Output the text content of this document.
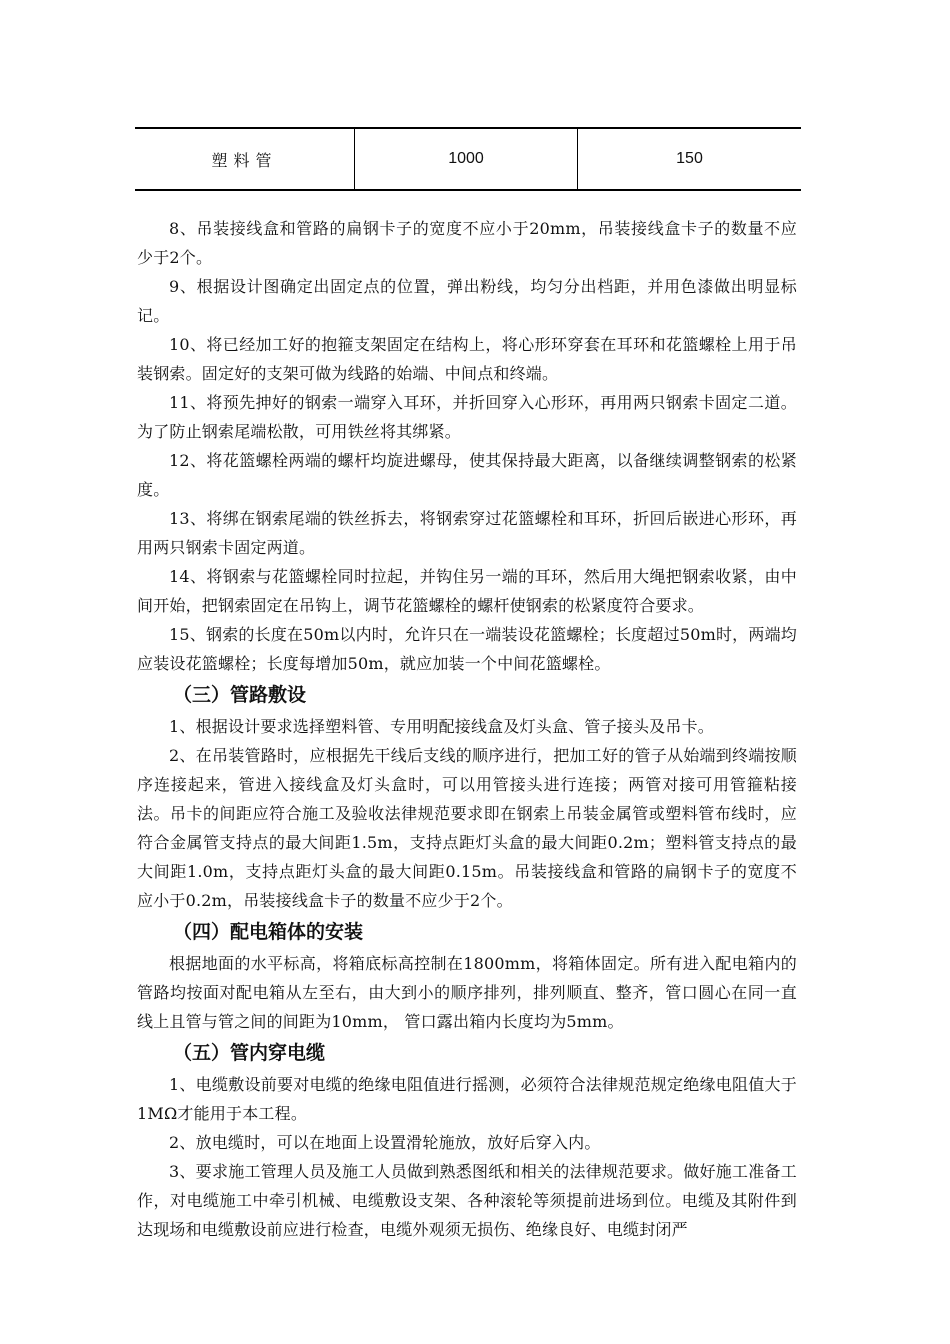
塑料管	1000	150

8、吊装接线盒和管路的扁钢卡子的宽度不应小于20mm，吊装接线盒卡子的数量不应少于2个。

9、根据设计图确定出固定点的位置，弹出粉线，均匀分出档距，并用色漆做出明显标记。

10、将已经加工好的抱箍支架固定在结构上，将心形环穿套在耳环和花篮螺栓上用于吊装钢索。固定好的支架可做为线路的始端、中间点和终端。

11、将预先抻好的钢索一端穿入耳环，并折回穿入心形环，再用两只钢索卡固定二道。为了防止钢索尾端松散，可用铁丝将其绑紧。

12、将花篮螺栓两端的螺杆均旋进螺母，使其保持最大距离，以备继续调整钢索的松紧度。

13、将绑在钢索尾端的铁丝拆去，将钢索穿过花篮螺栓和耳环，折回后嵌进心形环，再用两只钢索卡固定两道。

14、将钢索与花篮螺栓同时拉起，并钩住另一端的耳环，然后用大绳把钢索收紧，由中间开始，把钢索固定在吊钩上，调节花篮螺栓的螺杆使钢索的松紧度符合要求。

15、钢索的长度在50m以内时，允许只在一端装设花篮螺栓；长度超过50m时，两端均应装设花篮螺栓；长度每增加50m，就应加装一个中间花篮螺栓。

（三）管路敷设

1、根据设计要求选择塑料管、专用明配接线盒及灯头盒、管子接头及吊卡。

2、在吊装管路时，应根据先干线后支线的顺序进行，把加工好的管子从始端到终端按顺序连接起来，管进入接线盒及灯头盒时，可以用管接头进行连接；两管对接可用管箍粘接法。吊卡的间距应符合施工及验收法律规范要求即在钢索上吊装金属管或塑料管布线时，应符合金属管支持点的最大间距1.5m，支持点距灯头盒的最大间距0.2m；塑料管支持点的最大间距1.0m，支持点距灯头盒的最大间距0.15m。吊装接线盒和管路的扁钢卡子的宽度不应小于0.2m，吊装接线盒卡子的数量不应少于2个。

（四）配电箱体的安装

根据地面的水平标高，将箱底标高控制在1800mm，将箱体固定。所有进入配电箱内的管路均按面对配电箱从左至右，由大到小的顺序排列，排列顺直、整齐，管口圆心在同一直线上且管与管之间的间距为10mm， 管口露出箱内长度均为5mm。

（五）管内穿电缆

1、电缆敷设前要对电缆的绝缘电阻值进行摇测，必须符合法律规范规定绝缘电阻值大于1MΩ才能用于本工程。

2、放电缆时，可以在地面上设置滑轮施放，放好后穿入内。

3、要求施工管理人员及施工人员做到熟悉图纸和相关的法律规范要求。做好施工准备工作，对电缆施工中牵引机械、电缆敷设支架、各种滚轮等须提前进场到位。电缆及其附件到达现场和电缆敷设前应进行检查，电缆外观须无损伤、绝缘良好、电缆封闭严
